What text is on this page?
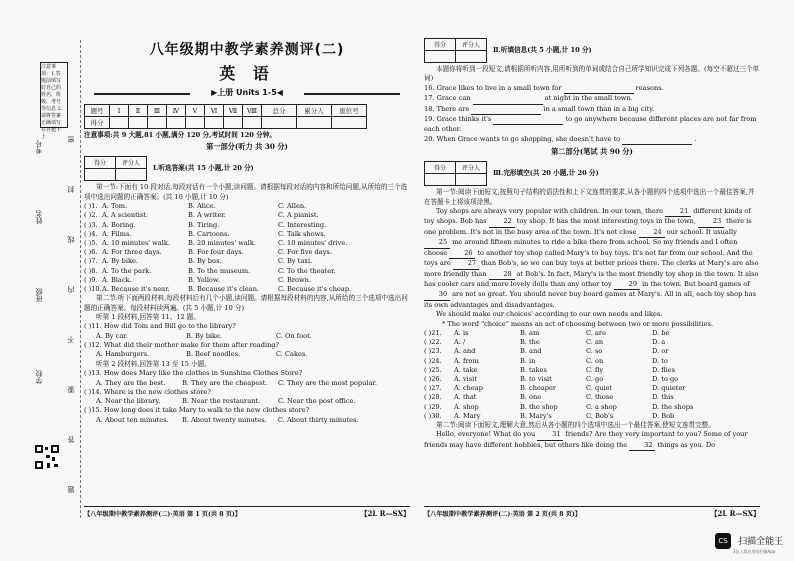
学校
班级
姓名
考号
密
封
线
内
不
要
答
题
注意事项：1.答题前填写好自己的姓名、班级、考号等信息 2.请将答案正确填写在答题卡上
八年级期中教学素养测评(二)
英 语
▶上册 Units 1-5◀
题号	Ⅰ	Ⅱ	Ⅲ	Ⅳ	Ⅴ	Ⅵ	Ⅶ	Ⅷ	总分	累分人	座位号
得分											
注意事项:共 9 大题,81 小题,满分 120 分,考试时间 120 分钟。
第一部分(听力 共 30 分)
得分	评分人

Ⅰ.听选答案(共 15 小题,计 20 分)
第一节:下面有 10 段对话,每段对话有一个小题,读问题。请根据每段对话的内容和所给问题,从所给的三个选项中选出问题的正确答案。(共 10 小题,计 10 分)
( )1. A. Tom.	B. Alice.	C. Allen.
( )2. A. A scientist.	B. A writer.	C. A pianist.
( )3. A. Boring.	B. Tiring.	C. Interesting.
( )4. A. Films.	B. Cartoons.	C. Talk shows.
( )5. A. 10 minutes' walk.	B. 20 minutes' walk.	C. 10 minutes' drive.
( )6. A. For three days.	B. For four days.	C. For five days.
( )7. A. By bike.	B. By bus.	C. By taxi.
( )8. A. To the park.	B. To the museum.	C. To the theater.
( )9. A. Black.	B. Yellow.	C. Brown.
( )10. A. Because it's near.	B. Because it's clean.	C. Because it's cheap.
第二节:听下面两段材料,每段材料后有几个小题,读问题。请根据每段材料的内容,从所给的三个选项中选出问题的正确答案。每段材料读两遍。(共 5 小题,计 10 分)
听第 1 段材料,回答第 11、12 题。
( )11. How did Tom and Bill go to the library?
A. By car.	B. By bike.	C. On foot.
( )12. What did their mother make for them after reading?
A. Hamburgers.	B. Beef noodles.	C. Cakes.
听第 2 段材料,回答第 13 至 15 小题。
( )13. How does Mary like the clothes in Sunshine Clothes Store?
A. They are the best.	B. They are the cheapest.	C. They are the most popular.
( )14. Where is the new clothes store?
A. Near the library.	B. Near the restaurant.	C. Near the post office.
( )15. How long does it take Mary to walk to the new clothes store?
A. About ten minutes.	B. About twenty minutes.	C. About thirty minutes.
得分	评分人

Ⅱ.听填信息(共 5 小题,计 10 分)
本题你将听到一段短文,请根据所听内容,用所听到的单词或结合自己所学知识完成下列各题。(每空不超过三个单词)
16. Grace likes to live in a small town for	reasons.
17. Grace can	at night in the small town.
18. There are	in a small town than in a big city.
19. Grace thinks it's	to go anywhere because different places are not far from each other.
20. When Grace wants to go shopping, she doesn't have to	.
第二部分(笔试 共 90 分)
得分	评分人

Ⅲ.完形填空(共 20 小题,计 20 分)
第一节:阅读下面短文,按照句子结构的语法性和上下文连贯的要求,从各小题的四个选项中选出一个最佳答案,并在答题卡上将该项涂黑。
Toy shops are always very popular with children. In our town, there	21 different kinds of toy shops. Bob has	22 toy shop. It has the most interesting toys in the town,	23 there is one problem. It's not in the busy area of the town. It's not close	24 our school. It usually 25 me around fifteen minutes to ride a bike there from school. So my friends and I often choose	26 to another toy shop called Mary's to buy toys. It's not far from our school. And the toys are	27 than Bob's, so we can buy toys at better prices there. The clerks at Mary's are also more friendly than	28 at Bob's. In fact, Mary's is the most friendly toy shop in the town. It also has cooler cars and more lovely dolls than any other toy	29 in the town. But board games of 30 are not so great. You should never buy board games at Mary's. All in all, each toy shop has its own advantages and disadvantages.
We should make our choices' according to our own needs and likes.
* The word "choice" means an act of choosing between two or more possibilities.
( )21.	A. is	B. am	C. are	D. be
( )22.	A. /	B. the	C. an	D. a
( )23.	A. and	B. and	C. so	D. or
( )24.	A. from	B. in	C. on	D. to
( )25.	A. take	B. takes	C. fly	D. flies
( )26.	A. visit	B. to visit	C. go	D. to go
( )27.	A. cheap	B. cheaper	C. quiet	D. quieter
( )28.	A. that	B. one	C. those	D. this
( )29.	A. shop	B. the shop	C. a shop	D. the shops
( )30.	A. Mary	B. Mary's	C. Bob's	D. Bob
第二节:阅读下面短文,理解大意,然后从各小题的四个选项中选出一个最佳答案,使短文连贯完整。
Hello, everyone! What do you	31 friends? Are they very important to you? Some of your friends may have different hobbies, but others like doing the	32 things as you. Do
【八年级期中教学素养测评(二)·英语 第 1 页(共 8 页)】	【2L R—SX】 【八年级期中教学素养测评(二)·英语 第 2 页(共 8 页)】	【2L R—SX】
CS 扫描全能王
3亿人都在用的扫描App
